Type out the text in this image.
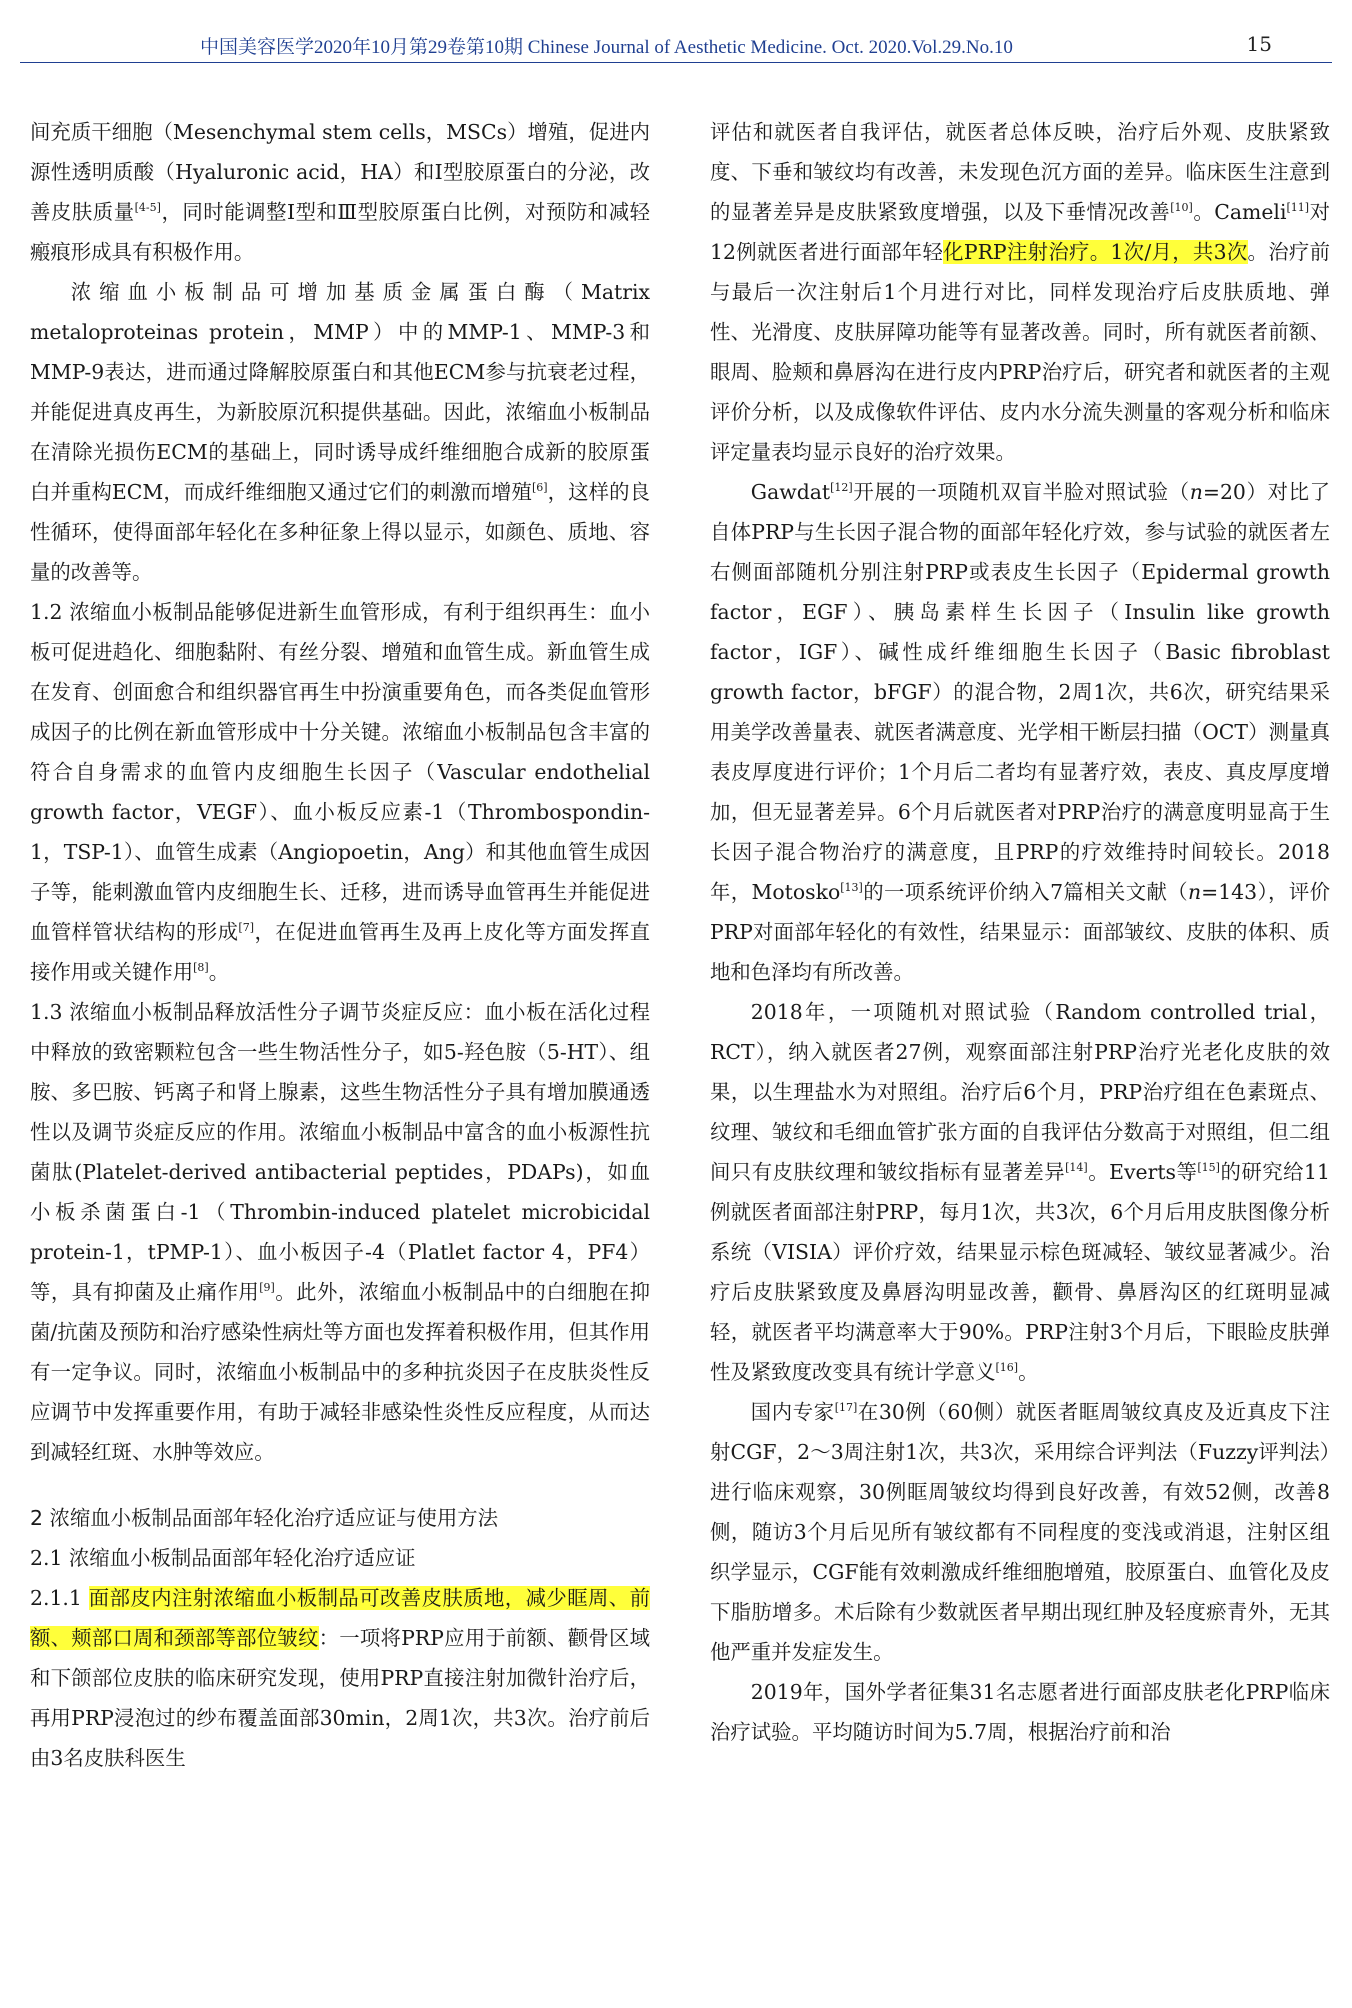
中国美容医学2020年10月第29卷第10期 Chinese Journal of Aesthetic Medicine. Oct. 2020.Vol.29.No.10	15

间充质干细胞（Mesenchymal stem cells，MSCs）增殖，促进内源性透明质酸（Hyaluronic acid，HA）和Ⅰ型胶原蛋白的分泌，改善皮肤质量[4-5]，同时能调整Ⅰ型和Ⅲ型胶原蛋白比例，对预防和减轻瘢痕形成具有积极作用。

浓缩血小板制品可增加基质金属蛋白酶（Matrix metaloproteinas protein，MMP）中的MMP-1、MMP-3和MMP-9表达，进而通过降解胶原蛋白和其他ECM参与抗衰老过程，并能促进真皮再生，为新胶原沉积提供基础。因此，浓缩血小板制品在清除光损伤ECM的基础上，同时诱导成纤维细胞合成新的胶原蛋白并重构ECM，而成纤维细胞又通过它们的刺激而增殖[6]，这样的良性循环，使得面部年轻化在多种征象上得以显示，如颜色、质地、容量的改善等。

1.2 浓缩血小板制品能够促进新生血管形成，有利于组织再生：血小板可促进趋化、细胞黏附、有丝分裂、增殖和血管生成。新血管生成在发育、创面愈合和组织器官再生中扮演重要角色，而各类促血管形成因子的比例在新血管形成中十分关键。浓缩血小板制品包含丰富的符合自身需求的血管内皮细胞生长因子（Vascular endothelial growth factor，VEGF）、血小板反应素-1（Thrombospondin-1，TSP-1）、血管生成素（Angiopoetin，Ang）和其他血管生成因子等，能刺激血管内皮细胞生长、迁移，进而诱导血管再生并能促进血管样管状结构的形成[7]，在促进血管再生及再上皮化等方面发挥直接作用或关键作用[8]。

1.3 浓缩血小板制品释放活性分子调节炎症反应：血小板在活化过程中释放的致密颗粒包含一些生物活性分子，如5-羟色胺（5-HT）、组胺、多巴胺、钙离子和肾上腺素，这些生物活性分子具有增加膜通透性以及调节炎症反应的作用。浓缩血小板制品中富含的血小板源性抗菌肽(Platelet-derived antibacterial peptides，PDAPs)，如血小板杀菌蛋白-1（Thrombin-induced platelet microbicidal protein-1，tPMP-1）、血小板因子-4（Platlet factor 4，PF4）等，具有抑菌及止痛作用[9]。此外，浓缩血小板制品中的白细胞在抑菌/抗菌及预防和治疗感染性病灶等方面也发挥着积极作用，但其作用有一定争议。同时，浓缩血小板制品中的多种抗炎因子在皮肤炎性反应调节中发挥重要作用，有助于减轻非感染性炎性反应程度，从而达到减轻红斑、水肿等效应。

2 浓缩血小板制品面部年轻化治疗适应证与使用方法

2.1 浓缩血小板制品面部年轻化治疗适应证

2.1.1 面部皮内注射浓缩血小板制品可改善皮肤质地，减少眶周、前额、颊部口周和颈部等部位皱纹：一项将PRP应用于前额、颧骨区域和下颌部位皮肤的临床研究发现，使用PRP直接注射加微针治疗后，再用PRP浸泡过的纱布覆盖面部30min，2周1次，共3次。治疗前后由3名皮肤科医生

评估和就医者自我评估，就医者总体反映，治疗后外观、皮肤紧致度、下垂和皱纹均有改善，未发现色沉方面的差异。临床医生注意到的显著差异是皮肤紧致度增强，以及下垂情况改善[10]。Cameli[11]对12例就医者进行面部年轻化PRP注射治疗。1次/月，共3次。治疗前与最后一次注射后1个月进行对比，同样发现治疗后皮肤质地、弹性、光滑度、皮肤屏障功能等有显著改善。同时，所有就医者前额、眼周、脸颊和鼻唇沟在进行皮内PRP治疗后，研究者和就医者的主观评价分析，以及成像软件评估、皮内水分流失测量的客观分析和临床评定量表均显示良好的治疗效果。

Gawdat[12]开展的一项随机双盲半脸对照试验（n=20）对比了自体PRP与生长因子混合物的面部年轻化疗效，参与试验的就医者左右侧面部随机分别注射PRP或表皮生长因子（Epidermal growth factor，EGF）、胰岛素样生长因子（Insulin like growth factor，IGF）、碱性成纤维细胞生长因子（Basic fibroblast growth factor，bFGF）的混合物，2周1次，共6次，研究结果采用美学改善量表、就医者满意度、光学相干断层扫描（OCT）测量真表皮厚度进行评价；1个月后二者均有显著疗效，表皮、真皮厚度增加，但无显著差异。6个月后就医者对PRP治疗的满意度明显高于生长因子混合物治疗的满意度，且PRP的疗效维持时间较长。2018年，Motosko[13]的一项系统评价纳入7篇相关文献（n=143），评价PRP对面部年轻化的有效性，结果显示：面部皱纹、皮肤的体积、质地和色泽均有所改善。

2018年，一项随机对照试验（Random controlled trial，RCT），纳入就医者27例，观察面部注射PRP治疗光老化皮肤的效果，以生理盐水为对照组。治疗后6个月，PRP治疗组在色素斑点、纹理、皱纹和毛细血管扩张方面的自我评估分数高于对照组，但二组间只有皮肤纹理和皱纹指标有显著差异[14]。Everts等[15]的研究给11例就医者面部注射PRP，每月1次，共3次，6个月后用皮肤图像分析系统（VISIA）评价疗效，结果显示棕色斑减轻、皱纹显著减少。治疗后皮肤紧致度及鼻唇沟明显改善，颧骨、鼻唇沟区的红斑明显减轻，就医者平均满意率大于90%。PRP注射3个月后，下眼睑皮肤弹性及紧致度改变具有统计学意义[16]。

国内专家[17]在30例（60侧）就医者眶周皱纹真皮及近真皮下注射CGF，2～3周注射1次，共3次，采用综合评判法（Fuzzy评判法）进行临床观察，30例眶周皱纹均得到良好改善，有效52侧，改善8侧，随访3个月后见所有皱纹都有不同程度的变浅或消退，注射区组织学显示，CGF能有效刺激成纤维细胞增殖，胶原蛋白、血管化及皮下脂肪增多。术后除有少数就医者早期出现红肿及轻度瘀青外，无其他严重并发症发生。

2019年，国外学者征集31名志愿者进行面部皮肤老化PRP临床治疗试验。平均随访时间为5.7周，根据治疗前和治
